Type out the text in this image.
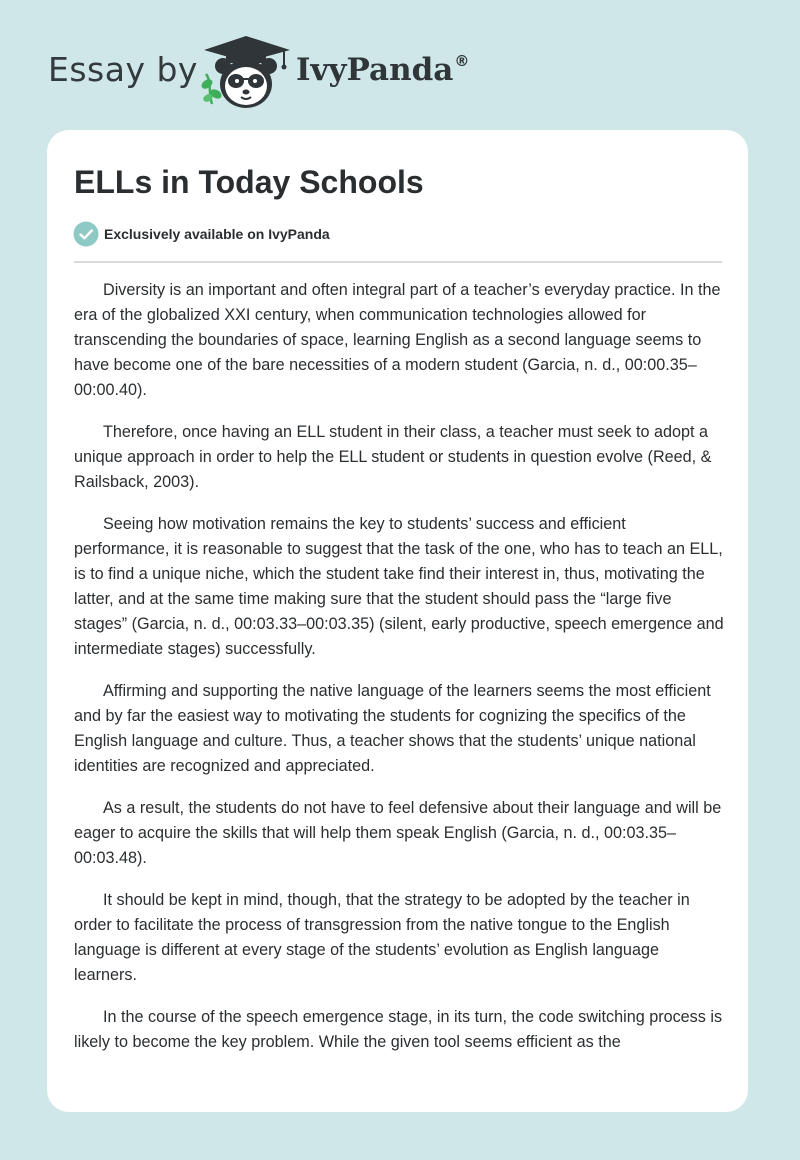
Essay by	IvyPanda®
ELLs in Today Schools
Exclusively available on IvyPanda

Diversity is an important and often integral part of a teacher’s everyday practice. In the era of the globalized XXI century, when communication technologies allowed for transcending the boundaries of space, learning English as a second language seems to have become one of the bare necessities of a modern student (Garcia, n. d., 00:00.35–00:00.40).

Therefore, once having an ELL student in their class, a teacher must seek to adopt a unique approach in order to help the ELL student or students in question evolve (Reed, & Railsback, 2003).

Seeing how motivation remains the key to students’ success and efficient performance, it is reasonable to suggest that the task of the one, who has to teach an ELL, is to find a unique niche, which the student take find their interest in, thus, motivating the latter, and at the same time making sure that the student should pass the “large five stages” (Garcia, n. d., 00:03.33–00:03.35) (silent, early productive, speech emergence and intermediate stages) successfully.

Affirming and supporting the native language of the learners seems the most efficient and by far the easiest way to motivating the students for cognizing the specifics of the English language and culture. Thus, a teacher shows that the students’ unique national identities are recognized and appreciated.

As a result, the students do not have to feel defensive about their language and will be eager to acquire the skills that will help them speak English (Garcia, n. d., 00:03.35–00:03.48).

It should be kept in mind, though, that the strategy to be adopted by the teacher in order to facilitate the process of transgression from the native tongue to the English language is different at every stage of the students’ evolution as English language learners.

In the course of the speech emergence stage, in its turn, the code switching process is likely to become the key problem. While the given tool seems efficient as the
